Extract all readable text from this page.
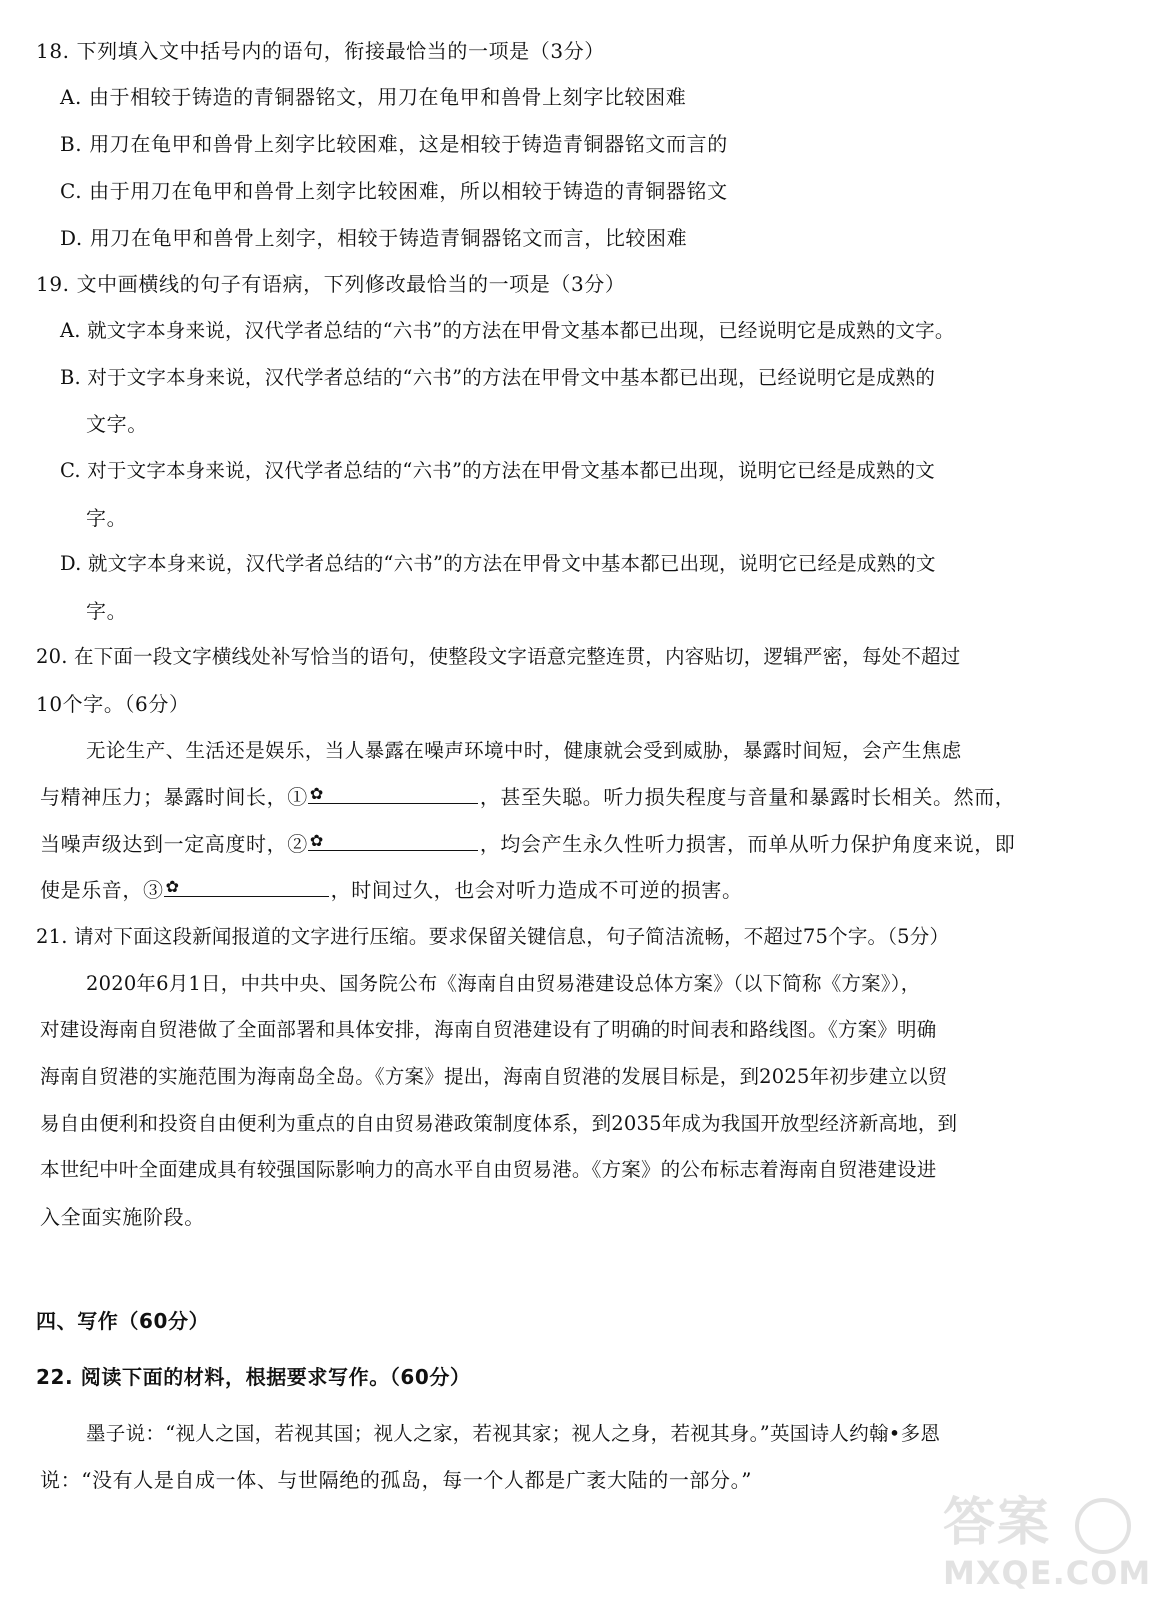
18. 下列填入文中括号内的语句，衔接最恰当的一项是（3分）
A. 由于相较于铸造的青铜器铭文，用刀在龟甲和兽骨上刻字比较困难
B. 用刀在龟甲和兽骨上刻字比较困难，这是相较于铸造青铜器铭文而言的
C. 由于用刀在龟甲和兽骨上刻字比较困难，所以相较于铸造的青铜器铭文
D. 用刀在龟甲和兽骨上刻字，相较于铸造青铜器铭文而言，比较困难
19. 文中画横线的句子有语病，下列修改最恰当的一项是（3分）
A. 就文字本身来说，汉代学者总结的“六书”的方法在甲骨文基本都已出现，已经说明它是成熟的文字。
B. 对于文字本身来说，汉代学者总结的“六书”的方法在甲骨文中基本都已出现，已经说明它是成熟的
文字。
C. 对于文字本身来说，汉代学者总结的“六书”的方法在甲骨文基本都已出现，说明它已经是成熟的文
字。
D. 就文字本身来说，汉代学者总结的“六书”的方法在甲骨文中基本都已出现，说明它已经是成熟的文
字。
20. 在下面一段文字横线处补写恰当的语句，使整段文字语意完整连贯，内容贴切，逻辑严密，每处不超过
10个字。（6分）
无论生产、生活还是娱乐，当人暴露在噪声环境中时，健康就会受到威胁，暴露时间短，会产生焦虑
与精神压力；暴露时间长，① ✿	，甚至失聪。听力损失程度与音量和暴露时长相关。然而，
当噪声级达到一定高度时，② ✿	，均会产生永久性听力损害，而单从听力保护角度来说，即
使是乐音，③ ✿	，时间过久，也会对听力造成不可逆的损害。
21. 请对下面这段新闻报道的文字进行压缩。要求保留关键信息，句子简洁流畅，不超过75个字。（5分）
2020年6月1日，中共中央、国务院公布《海南自由贸易港建设总体方案》（以下简称《方案》），
对建设海南自贸港做了全面部署和具体安排，海南自贸港建设有了明确的时间表和路线图。《方案》明确
海南自贸港的实施范围为海南岛全岛。《方案》提出，海南自贸港的发展目标是，到2025年初步建立以贸
易自由便利和投资自由便利为重点的自由贸易港政策制度体系，到2035年成为我国开放型经济新高地，到
本世纪中叶全面建成具有较强国际影响力的高水平自由贸易港。《方案》的公布标志着海南自贸港建设进
入全面实施阶段。
四、写作（60分）
22. 阅读下面的材料，根据要求写作。（60分）
墨子说：“视人之国，若视其国；视人之家，若视其家；视人之身，若视其身。”英国诗人约翰•多恩
说：“没有人是自成一体、与世隔绝的孤岛，每一个人都是广袤大陆的一部分。”
答案
MXQE.COM
